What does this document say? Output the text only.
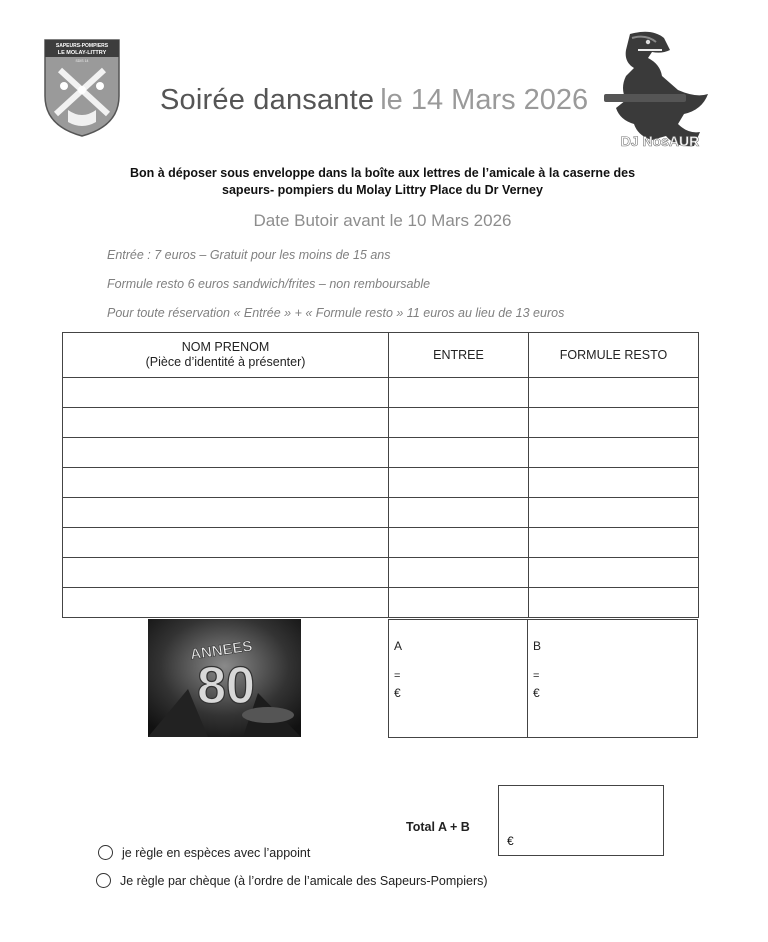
SAPEURS-POMPIERS
LE MOLAY-LITTRY
SDIS 14
Soirée dansante le 14 Mars 2026
DJ NosAUR
Bon à déposer sous enveloppe dans la boîte aux lettres de l’amicale à la caserne des sapeurs- pompiers du Molay Littry Place du Dr Verney
Date Butoir avant le 10 Mars 2026
Entrée : 7 euros – Gratuit pour les moins de 15 ans
Formule resto 6 euros sandwich/frites – non remboursable
Pour toute réservation « Entrée » + « Formule resto » 11 euros au lieu de 13 euros
NOM PRENOM
(Pièce d’identité à présenter)	ENTREE	FORMULE RESTO

ANNEES
80
A
=
€
B
=
€
Total A + B
€
je règle en espèces avec l’appoint
Je règle par chèque (à l’ordre de l’amicale des Sapeurs-Pompiers)
